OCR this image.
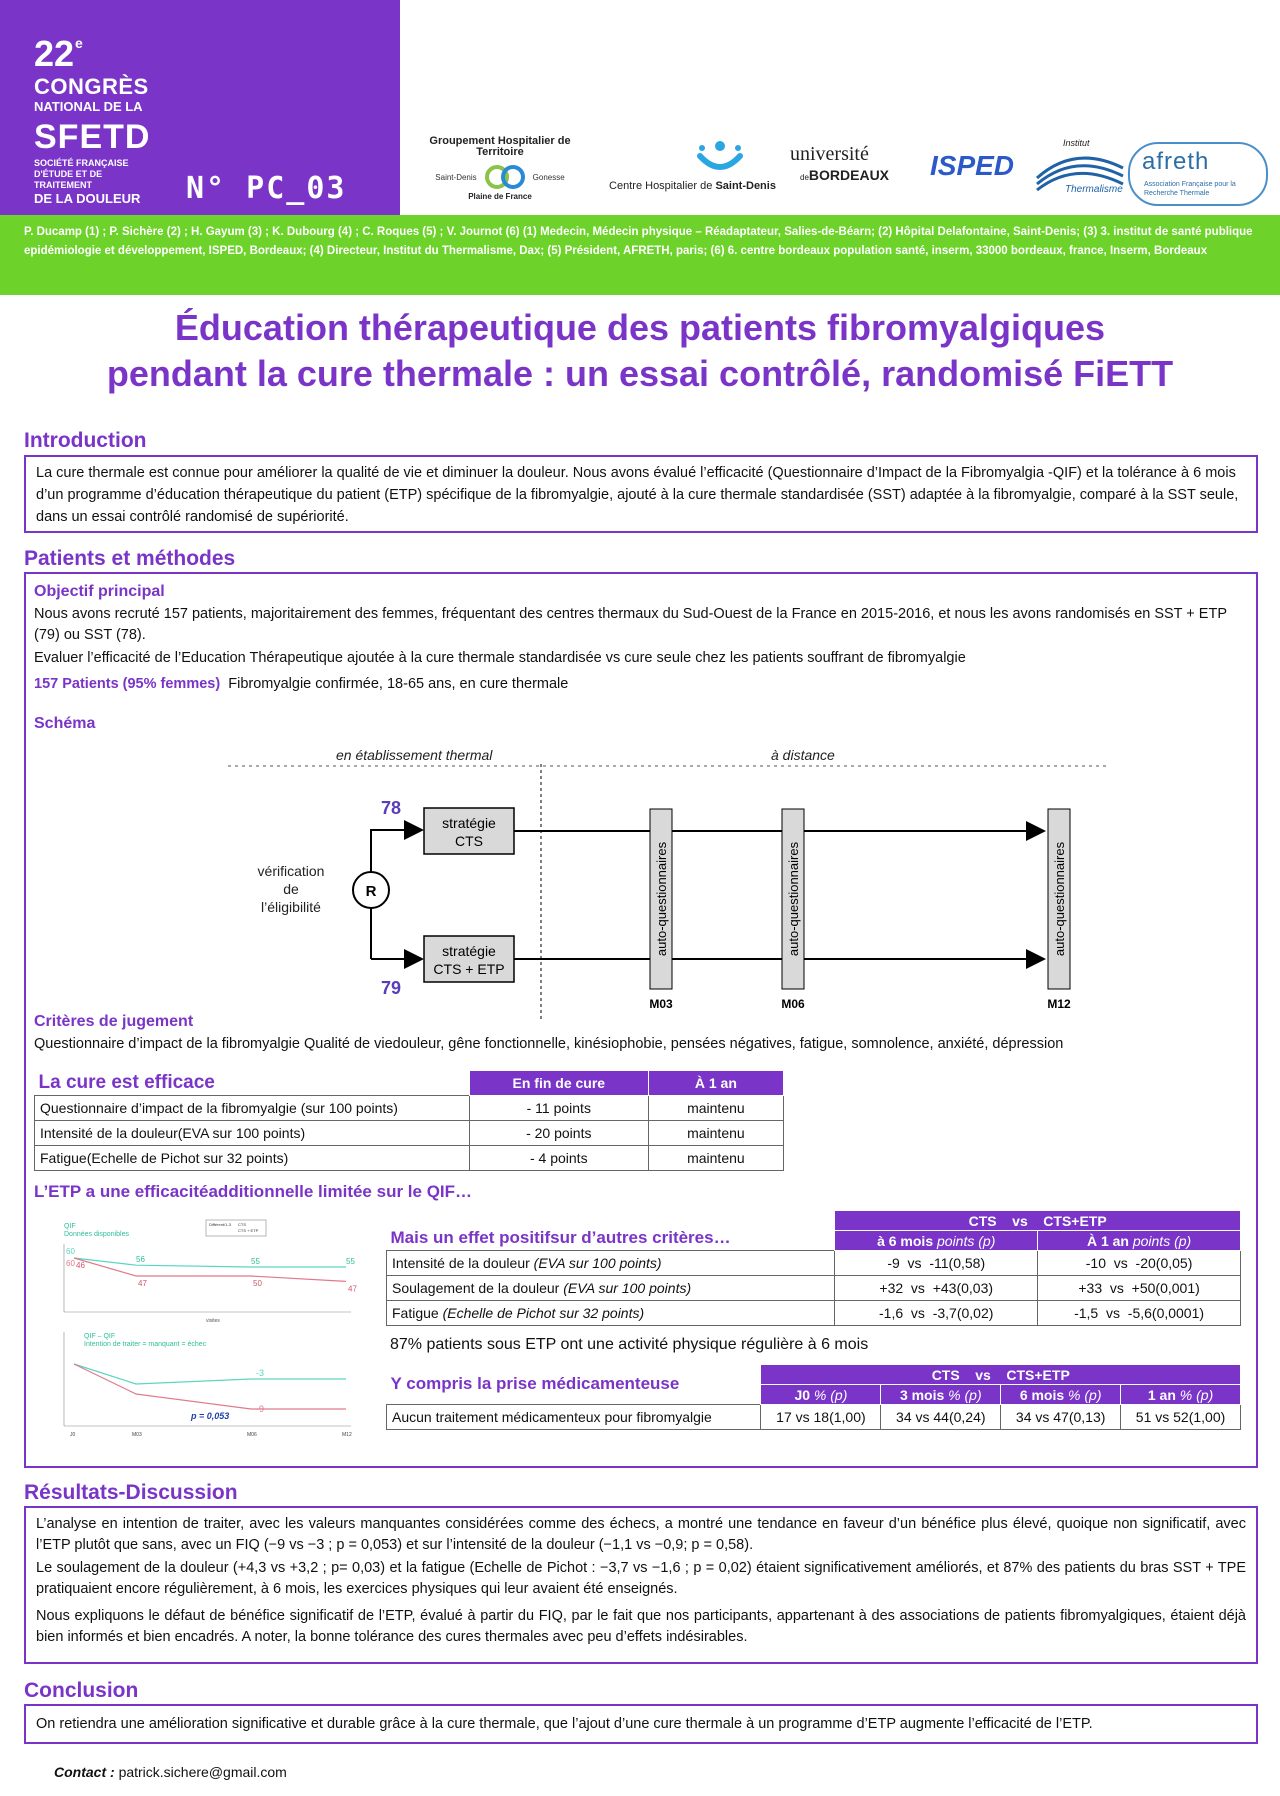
22e
CONGRÈS
NATIONAL DE LA
SFETD
SOCIÉTÉ FRANÇAISE D'ÉTUDE ET DE TRAITEMENT
DE LA DOULEUR N° PC_03
Groupement Hospitalier de Territoire
Saint-Denis	Gonesse
Plaine de France
Centre Hospitalier de Saint-Denis
université
deBORDEAUX	ISPED
Institut
Thermalisme
afreth
Association Française pour la Recherche Thermale
P. Ducamp (1) ; P. Sichère (2) ; H. Gayum (3) ; K. Dubourg (4) ; C. Roques (5) ; V. Journot (6) (1) Medecin, Médecin physique – Réadaptateur, Salies-de-Béarn; (2) Hôpital Delafontaine, Saint-Denis; (3) 3. institut de santé publique epidémiologie et développement, ISPED, Bordeaux; (4) Directeur, Institut du Thermalisme, Dax; (5) Président, AFRETH, paris; (6) 6. centre bordeaux population santé, inserm, 33000 bordeaux, france, Inserm, Bordeaux
Éducation thérapeutique des patients fibromyalgiques
pendant la cure thermale : un essai contrôlé, randomisé FiETT
Introduction
La cure thermale est connue pour améliorer la qualité de vie et diminuer la douleur. Nous avons évalué l’efficacité (Questionnaire d’Impact de la Fibromyalgia -QIF) et la tolérance à 6 mois d’un programme d’éducation thérapeutique du patient (ETP) spécifique de la fibromyalgie, ajouté à la cure thermale standardisée (SST) adaptée à la fibromyalgie, comparé à la SST seule, dans un essai contrôlé randomisé de supériorité.
Patients et méthodes
Objectif principal
Nous avons recruté 157 patients, majoritairement des femmes, fréquentant des centres thermaux du Sud-Ouest de la France en 2015-2016, et nous les avons randomisés en SST + ETP (79) ou SST (78).
Evaluer l’efficacité de l’Education Thérapeutique ajoutée à la cure thermale standardisée vs cure seule chez les patients souffrant de fibromyalgie
157 Patients (95% femmes) Fibromyalgie confirmée, 18-65 ans, en cure thermale
Schéma
en établissement thermal	à distance
vérification
de
l’éligibilité
R
78
79
stratégie
CTS
stratégie
CTS + ETP
auto-questionnaires
M03
auto-questionnaires
M06
auto-questionnaires
M12
Critères de jugement
Questionnaire d’impact de la fibromyalgie Qualité de viedouleur, gêne fonctionnelle, kinésiophobie, pensées négatives, fatigue, somnolence, anxiété, dépression
La cure est efficace	En fin de cure	À 1 an
Questionnaire d’impact de la fibromyalgie (sur 100 points)	- 11 points	maintenu
Intensité de la douleur(EVA sur 100 points)	- 20 points	maintenu
Fatigue(Echelle de Pichot sur 32 points)	- 4 points	maintenu
L’ETP a une efficacitéadditionnelle limitée sur le QIF…
QIF
Données disponibles
Différent/1-3 CTS
CTS + ETP
visites
56	55	55
46
47	50
47
60
60
QIF – QIF
Intention de traiter = manquant = échec
-3
-9
J0	M03	M06	M12
p = 0,053
Mais un effet positifsur d’autres critères…	CTS    vs    CTS+ETP	
	à 6 mois points (p)	À 1 an points (p)
Intensité de la douleur (EVA sur 100 points)	-9  vs  -11(0,58)	-10  vs  -20(0,05)
Soulagement de la douleur (EVA sur 100 points)	+32  vs  +43(0,03)	+33  vs  +50(0,001)
Fatigue (Echelle de Pichot sur 32 points)	-1,6  vs  -3,7(0,02)	-1,5  vs  -5,6(0,0001)
87% patients sous ETP ont une activité physique régulière à 6 mois
Y compris la prise médicamenteuse	CTS    vs    CTS+ETP			
	J0 % (p)	3 mois % (p)	6 mois % (p)	1 an % (p)
Aucun traitement médicamenteux pour fibromyalgie	17 vs 18(1,00)	34 vs 44(0,24)	34 vs 47(0,13)	51 vs 52(1,00)
Résultats-Discussion
L’analyse en intention de traiter, avec les valeurs manquantes considérées comme des échecs, a montré une tendance en faveur d’un bénéfice plus élevé, quoique non significatif, avec l’ETP plutôt que sans, avec un FIQ (−9 vs −3 ; p = 0,053) et sur l’intensité de la douleur (−1,1 vs −0,9; p = 0,58).
Le soulagement de la douleur (+4,3 vs +3,2 ; p= 0,03) et la fatigue (Echelle de Pichot : −3,7 vs −1,6 ; p = 0,02) étaient significativement améliorés, et 87% des patients du bras SST + TPE pratiquaient encore régulièrement, à 6 mois, les exercices physiques qui leur avaient été enseignés.
Nous expliquons le défaut de bénéfice significatif de l’ETP, évalué à partir du FIQ, par le fait que nos participants, appartenant à des associations de patients fibromyalgiques, étaient déjà bien informés et bien encadrés. A noter, la bonne tolérance des cures thermales avec peu d’effets indésirables.
Conclusion
On retiendra une amélioration significative et durable grâce à la cure thermale, que l’ajout d’une cure thermale à un programme d’ETP augmente l’efficacité de l’ETP.
Contact : patrick.sichere@gmail.com
